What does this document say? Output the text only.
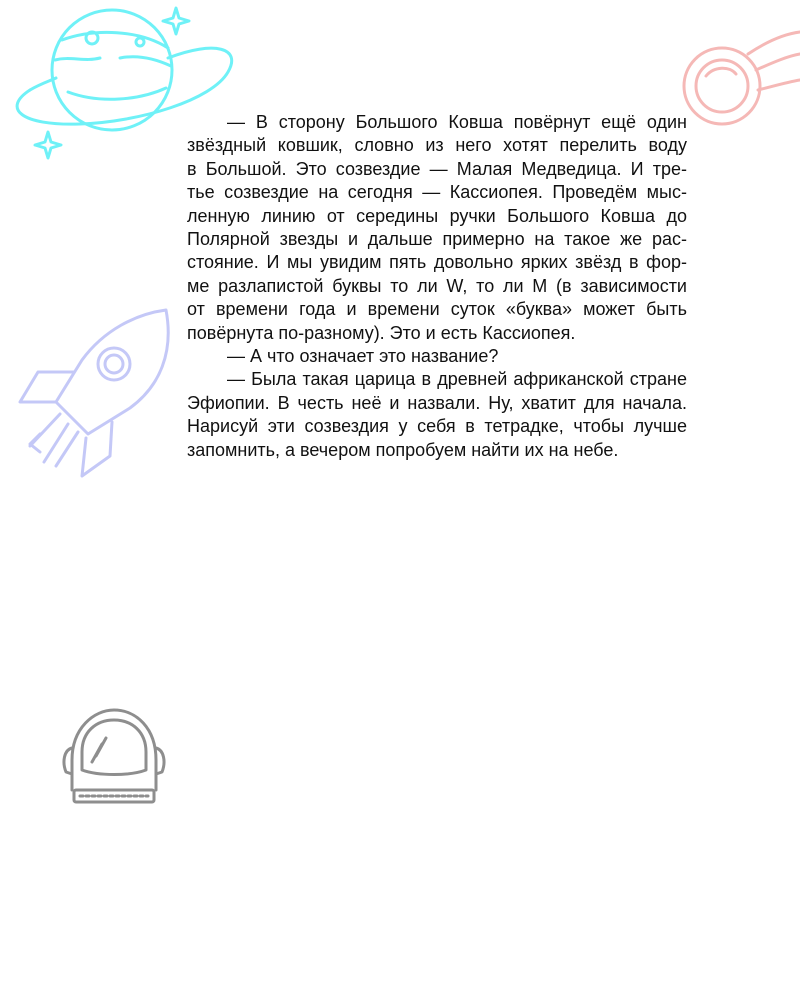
— В сторону Большого Ковша повёрнут ещё один
звёздный ковшик, словно из него хотят перелить воду
в Большой. Это созвездие — Малая Медведица. И тре-
тье созвездие на сегодня — Кассиопея. Проведём мыс-
ленную линию от середины ручки Большого Ковша до
Полярной звезды и дальше примерно на такое же рас-
стояние. И мы увидим пять довольно ярких звёзд в фор-
ме разлапистой буквы то ли W, то ли M (в зависимости
от времени года и времени суток «буква» может быть
повёрнута по-разному). Это и есть Кассиопея.
— А что означает это название?
— Была такая царица в древней африканской стране
Эфиопии. В честь неё и назвали. Ну, хватит для начала.
Нарисуй эти созвездия у себя в тетрадке, чтобы лучше
запомнить, а вечером попробуем найти их на небе.
